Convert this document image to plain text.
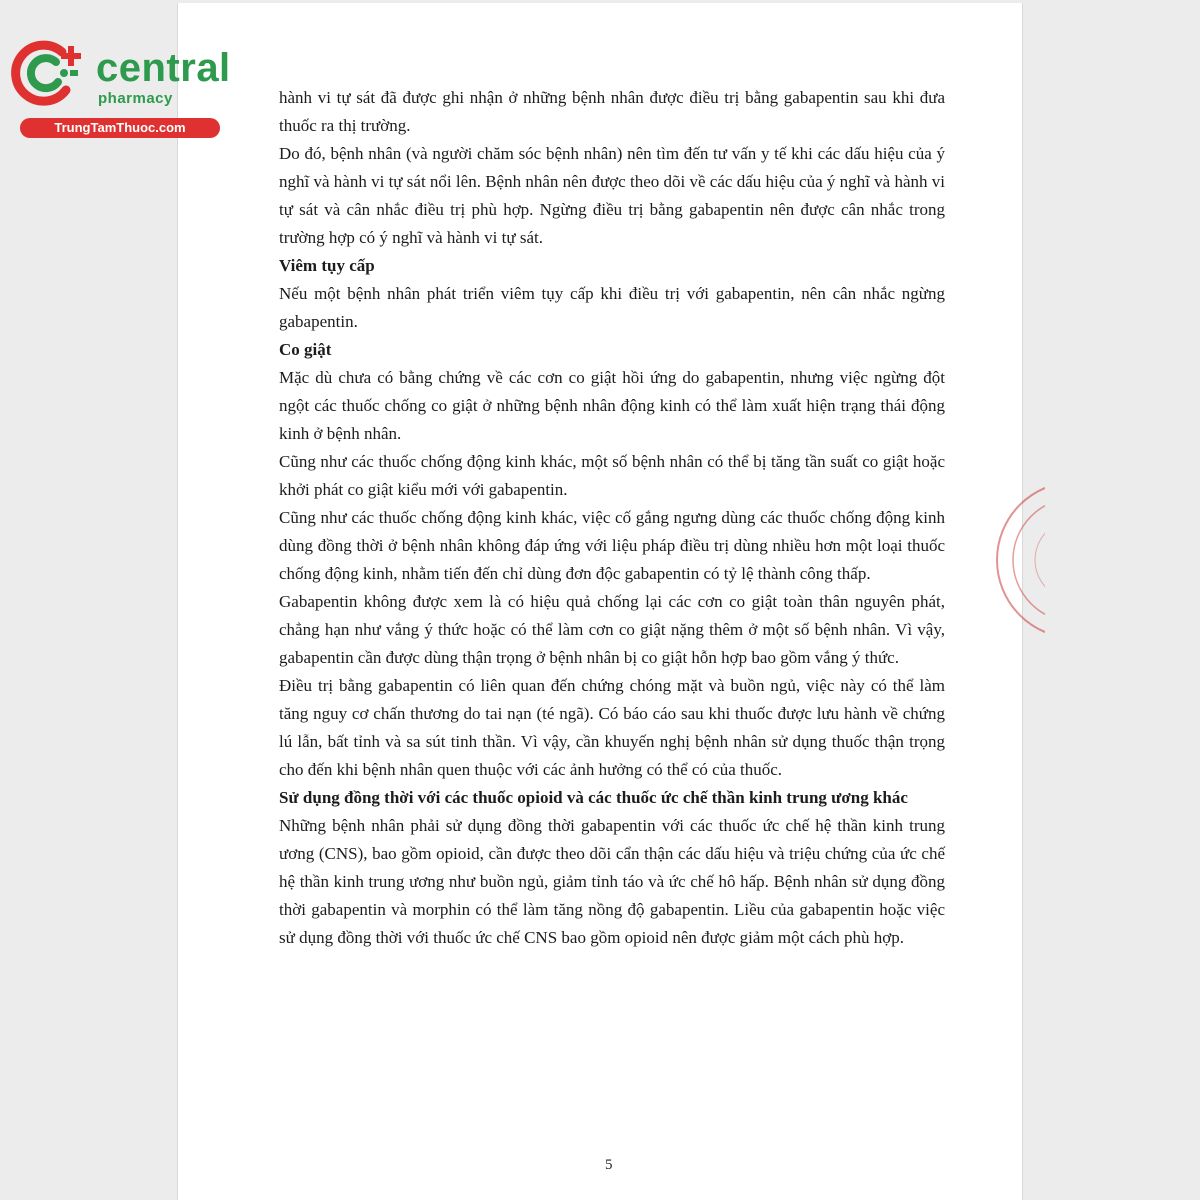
central
pharmacy
TrungTamThuoc.com

hành vi tự sát đã được ghi nhận ở những bệnh nhân được điều trị bằng gabapentin sau khi đưa thuốc ra thị trường.

Do đó, bệnh nhân (và người chăm sóc bệnh nhân) nên tìm đến tư vấn y tế khi các dấu hiệu của ý nghĩ và hành vi tự sát nổi lên. Bệnh nhân nên được theo dõi về các dấu hiệu của ý nghĩ và hành vi tự sát và cân nhắc điều trị phù hợp. Ngừng điều trị bằng gabapentin nên được cân nhắc trong trường hợp có ý nghĩ và hành vi tự sát.

Viêm tụy cấp

Nếu một bệnh nhân phát triển viêm tụy cấp khi điều trị với gabapentin, nên cân nhắc ngừng gabapentin.

Co giật

Mặc dù chưa có bằng chứng về các cơn co giật hồi ứng do gabapentin, nhưng việc ngừng đột ngột các thuốc chống co giật ở những bệnh nhân động kinh có thể làm xuất hiện trạng thái động kinh ở bệnh nhân.

Cũng như các thuốc chống động kinh khác, một số bệnh nhân có thể bị tăng tần suất co giật hoặc khởi phát co giật kiểu mới với gabapentin.

Cũng như các thuốc chống động kinh khác, việc cố gắng ngưng dùng các thuốc chống động kinh dùng đồng thời ở bệnh nhân không đáp ứng với liệu pháp điều trị dùng nhiều hơn một loại thuốc chống động kinh, nhằm tiến đến chỉ dùng đơn độc gabapentin có tỷ lệ thành công thấp.

Gabapentin không được xem là có hiệu quả chống lại các cơn co giật toàn thân nguyên phát, chẳng hạn như vắng ý thức hoặc có thể làm cơn co giật nặng thêm ở một số bệnh nhân. Vì vậy, gabapentin cần được dùng thận trọng ở bệnh nhân bị co giật hỗn hợp bao gồm vắng ý thức.

Điều trị bằng gabapentin có liên quan đến chứng chóng mặt và buồn ngủ, việc này có thể làm tăng nguy cơ chấn thương do tai nạn (té ngã). Có báo cáo sau khi thuốc được lưu hành về chứng lú lẫn, bất tỉnh và sa sút tinh thần. Vì vậy, cần khuyến nghị bệnh nhân sử dụng thuốc thận trọng cho đến khi bệnh nhân quen thuộc với các ảnh hưởng có thể có của thuốc.

Sử dụng đồng thời với các thuốc opioid và các thuốc ức chế thần kinh trung ương khác

Những bệnh nhân phải sử dụng đồng thời gabapentin với các thuốc ức chế hệ thần kinh trung ương (CNS), bao gồm opioid, cần được theo dõi cẩn thận các dấu hiệu và triệu chứng của ức chế hệ thần kinh trung ương như buồn ngủ, giảm tỉnh táo và ức chế hô hấp. Bệnh nhân sử dụng đồng thời gabapentin và morphin có thể làm tăng nồng độ gabapentin. Liều của gabapentin hoặc việc sử dụng đồng thời với thuốc ức chế CNS bao gồm opioid nên được giảm một cách phù hợp.

5
